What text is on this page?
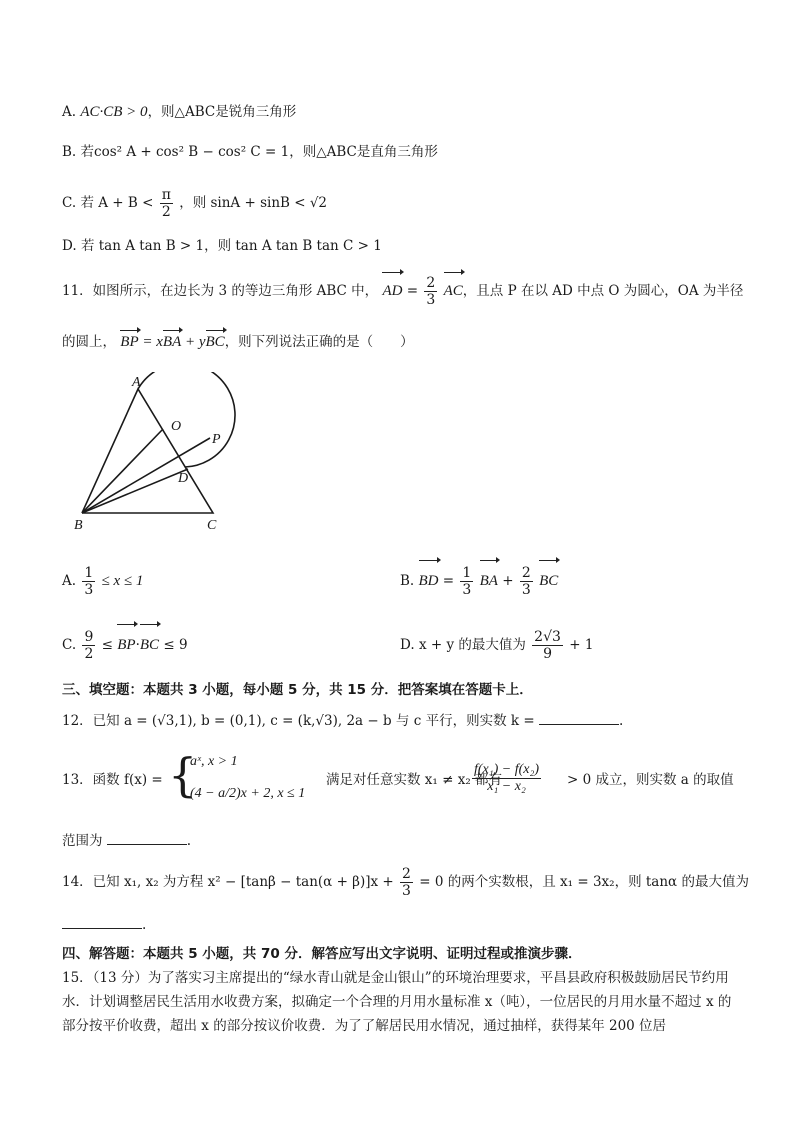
A. AC·CB > 0，则△ABC是锐角三角形
B. 若cos² A + cos² B − cos² C = 1，则△ABC是直角三角形
C. 若 $A + B < \frac{\pi}{2}$ ，则 sinA + sinB < √2
D. 若 tan A tan B > 1，则 tan A tan B tan C > 1
11．如图所示，在边长为 3 的等边三角形 ABC 中， AD = $\frac{2}{3}$ AC，且点 P 在以 AD 中点 O 为圆心，OA 为半径
的圆上， BP = xBA + yBC，则下列说法正确的是（　　）
A
O
P
D
B	C
A. $\frac{1}{3} \le x \le 1$	B. BD = $\frac{1}{3}$ BA + $\frac{2}{3}$ BC
C. $\frac{9}{2} \le BP\cdot BC \le 9$	D. x + y 的最大值为 $\frac{2√3}{9} + 1$
三、填空题：本题共 3 小题，每小题 5 分，共 15 分．把答案填在答题卡上．
12．已知 a = (√3,1), b = (0,1), c = (k,√3), 2a − b 与 c 平行，则实数 k =	.
13．函数 f(x) = {
aˣ, x > 1
(4 − a/2)x + 2, x ≤ 1
满足对任意实数 x₁ ≠ x₂ 都有
$\frac{\text{f(x₁) − f(x₂)}}{\text{x₁ − x₂}} > 0$ 成立，则实数 a 的取值
范围为	.
14．已知 x₁, x₂ 为方程 $x^2 - [\tan\beta - \tan(\alpha + \beta)]x + \frac{2}{3} = 0$ 的两个实数根，且 x₁ = 3x₂，则 tanα 的最大值为
.
四、解答题：本题共 5 小题，共 70 分．解答应写出文字说明、证明过程或推演步骤．
15．（13 分）为了落实习主席提出的“绿水青山就是金山银山”的环境治理要求，平昌县政府积极鼓励居民节约用水．计划调整居民生活用水收费方案，拟确定一个合理的月用水量标准 x（吨），一位居民的月用水量不超过 x 的部分按平价收费，超出 x 的部分按议价收费．为了了解居民用水情况，通过抽样，获得某年 200 位居
